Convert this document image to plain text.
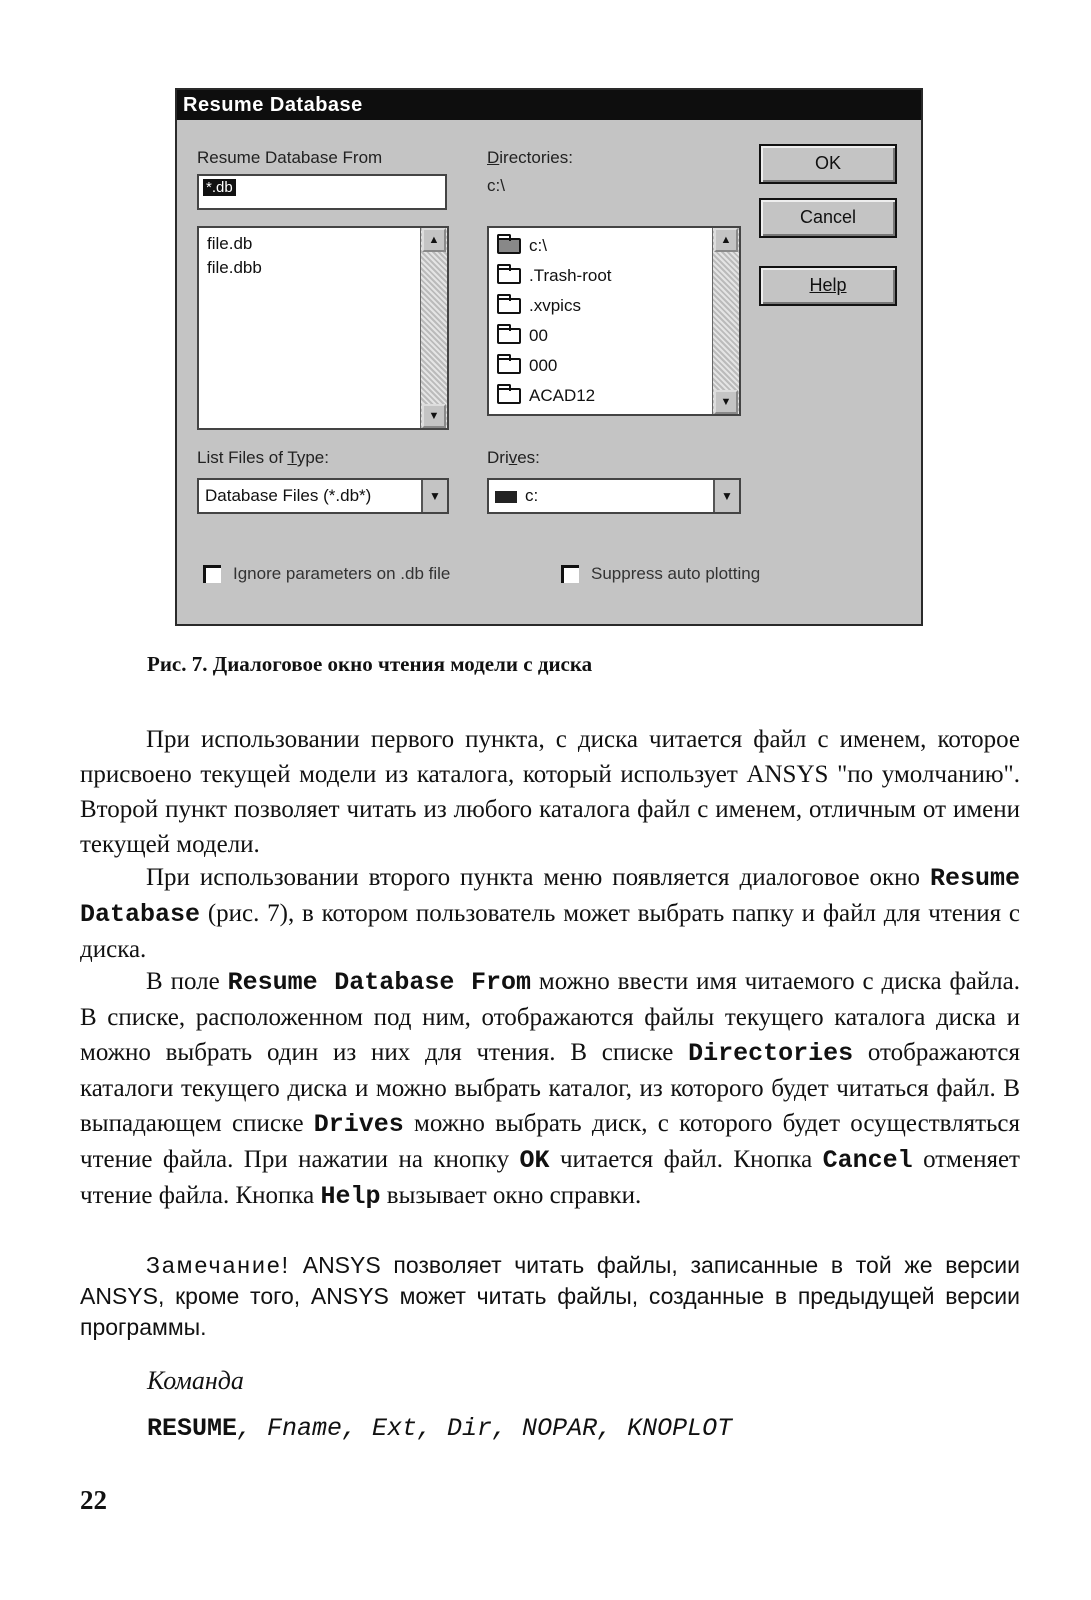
Resume Database
Resume Database From
*.db
file.db
file.dbb
▲
▼
Directories:
c:\
c:\
.Trash-root
.xvpics
00
000
ACAD12
▲
▼
OK
Cancel
Help
List Files of Type:
Database Files (*.db*)	▼
Drives:
c:	▼
Ignore parameters on .db file	Suppress auto plotting
Рис. 7. Диалоговое окно чтения модели с диска

При использовании первого пункта, с диска читается файл с именем, которое присвоено текущей модели из каталога, который использует ANSYS "по умолчанию". Второй пункт позволяет читать из любого каталога файл с именем, отличным от имени текущей модели.

При использовании второго пункта меню появляется диалоговое окно Resume Database (рис. 7), в котором пользователь может выбрать папку и файл для чтения с диска.

В поле Resume Database From можно ввести имя читаемого с диска файла. В списке, расположенном под ним, отображаются файлы текущего каталога диска и можно выбрать один из них для чтения. В списке Directories отображаются каталоги текущего диска и можно выбрать каталог, из которого будет читаться файл. В выпадающем списке Drives можно выбрать диск, с которого будет осуществляться чтение файла. При нажатии на кнопку OK читается файл. Кнопка Cancel отменяет чтение файла. Кнопка Help вызывает окно справки.

Замечание! ANSYS позволяет читать файлы, записанные в той же версии ANSYS, кроме того, ANSYS может читать файлы, созданные в предыдущей версии программы.

Команда
RESUME, Fname, Ext, Dir, NOPAR, KNOPLOT
22
